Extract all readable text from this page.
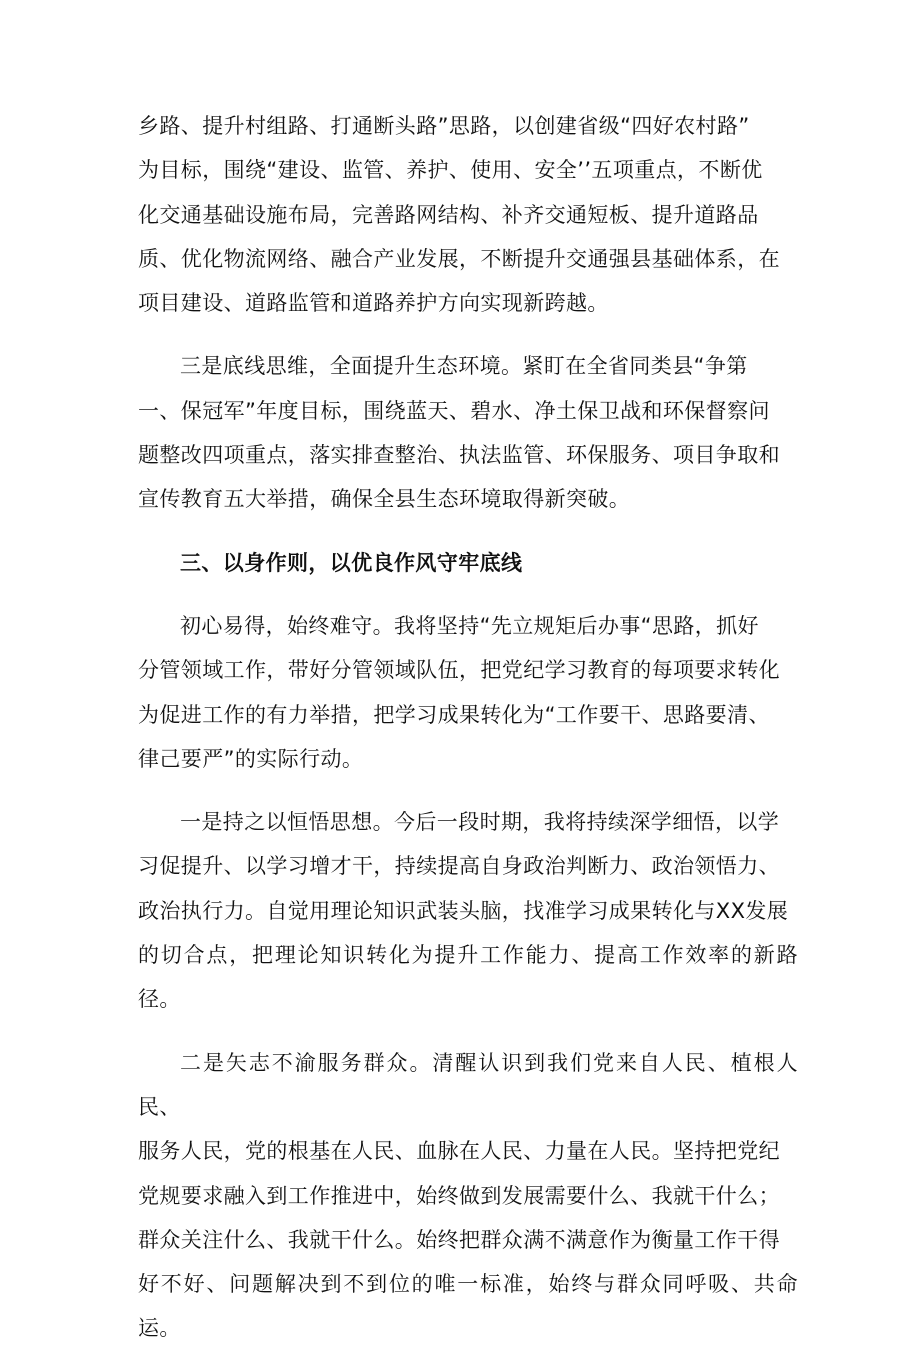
乡路、提升村组路、打通断头路”思路，以创建省级“四好农村路”
为目标，围绕“建设、监管、养护、使用、安全’’五项重点，不断优
化交通基础设施布局，完善路网结构、补齐交通短板、提升道路品
质、优化物流网络、融合产业发展，不断提升交通强县基础体系，在
项目建设、道路监管和道路养护方向实现新跨越。
三是底线思维，全面提升生态环境。紧盯在全省同类县“争第
一、保冠军”年度目标，围绕蓝天、碧水、净土保卫战和环保督察问
题整改四项重点，落实排查整治、执法监管、环保服务、项目争取和
宣传教育五大举措，确保全县生态环境取得新突破。
三、以身作则，以优良作风守牢底线
初心易得，始终难守。我将坚持“先立规矩后办事“思路，抓好
分管领域工作，带好分管领域队伍，把党纪学习教育的每项要求转化
为促进工作的有力举措，把学习成果转化为“工作要干、思路要清、
律己要严”的实际行动。
一是持之以恒悟思想。今后一段时期，我将持续深学细悟，以学
习促提升、以学习增才干，持续提高自身政治判断力、政治领悟力、
政治执行力。自觉用理论知识武装头脑，找准学习成果转化与XX发展
的切合点，把理论知识转化为提升工作能力、提高工作效率的新路径。
二是矢志不渝服务群众。清醒认识到我们党来自人民、植根人民、
服务人民，党的根基在人民、血脉在人民、力量在人民。坚持把党纪
党规要求融入到工作推进中，始终做到发展需要什么、我就干什么；
群众关注什么、我就干什么。始终把群众满不满意作为衡量工作干得
好不好、问题解决到不到位的唯一标准，始终与群众同呼吸、共命运。
